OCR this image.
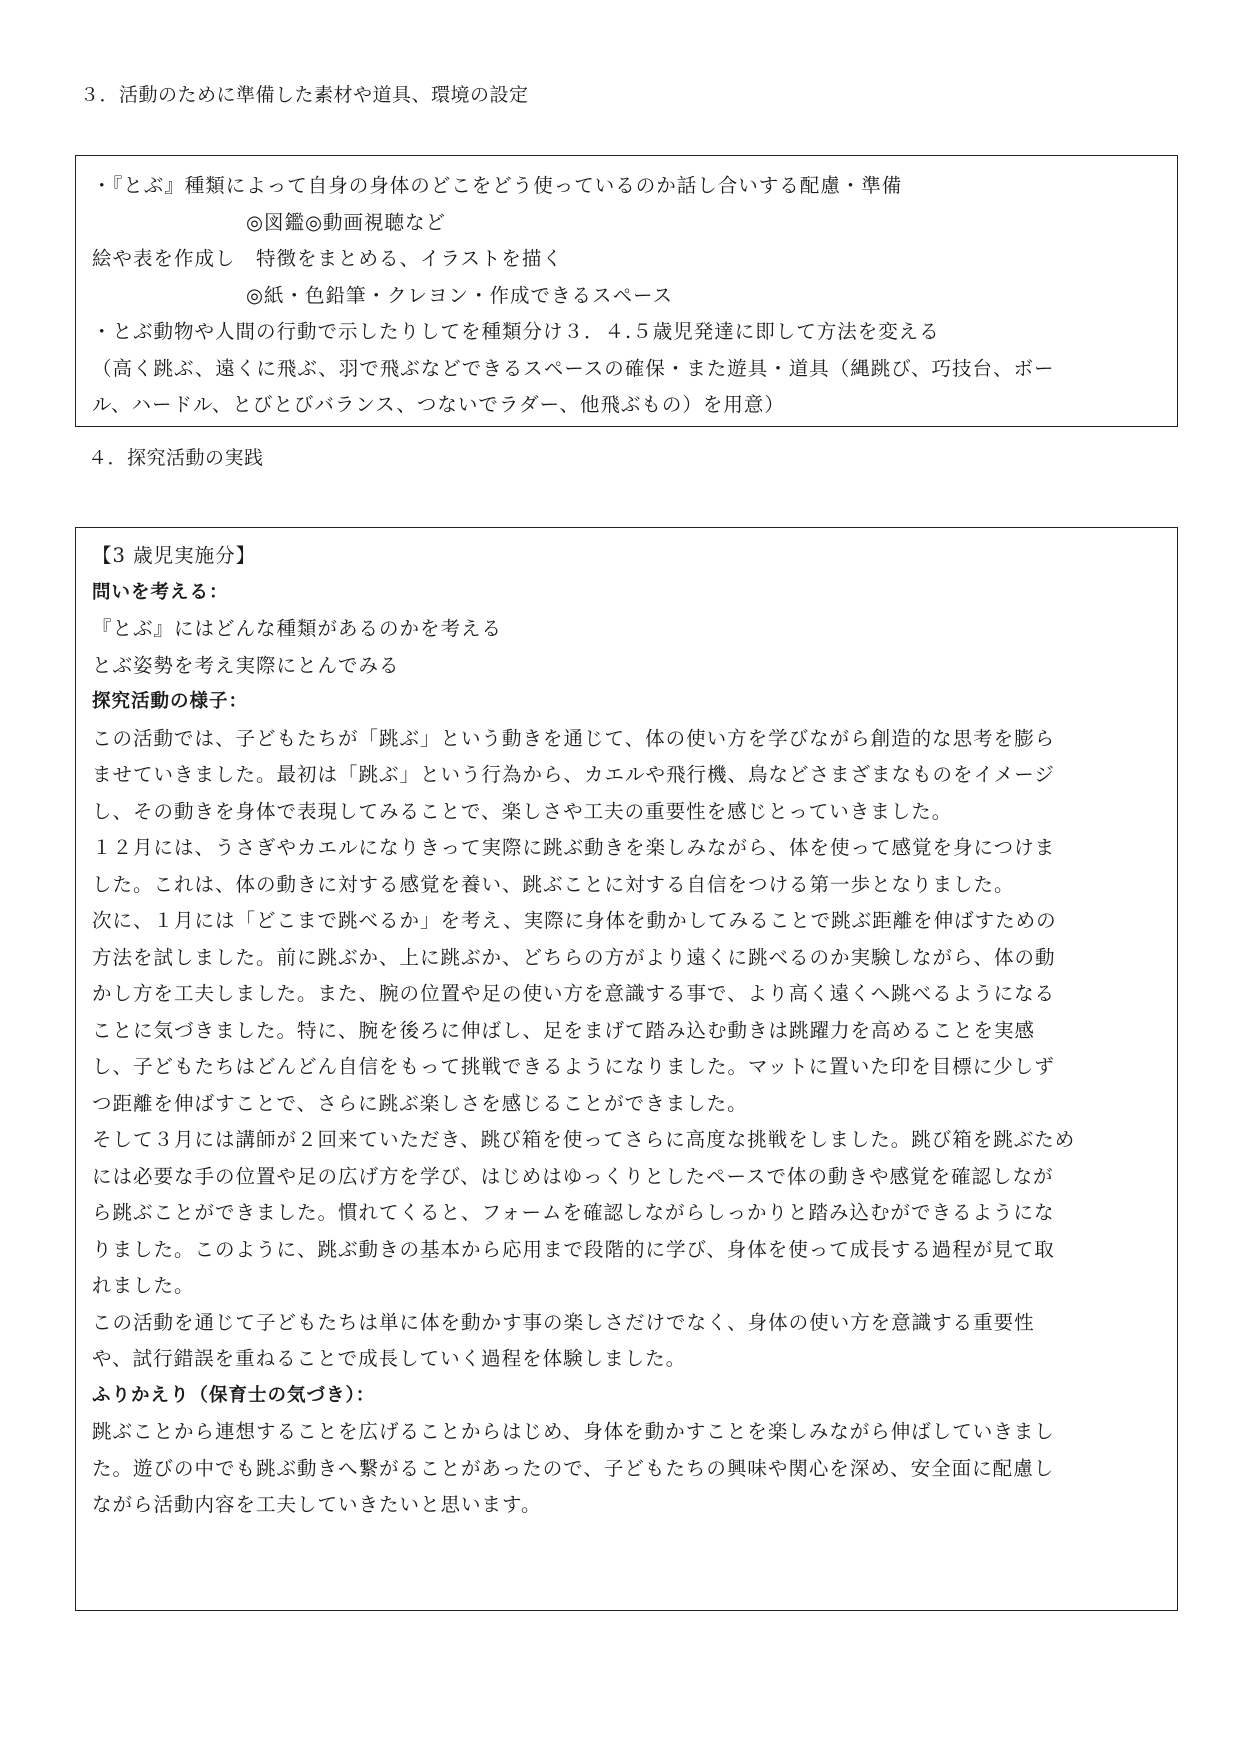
３．活動のために準備した素材や道具、環境の設定
・『とぶ』種類によって自身の身体のどこをどう使っているのか話し合いする配慮・準備
◎図鑑◎動画視聴など
絵や表を作成し　特徴をまとめる、イラストを描く
◎紙・色鉛筆・クレヨン・作成できるスペース
・とぶ動物や人間の行動で示したりしてを種類分け３．４.５歳児発達に即して方法を変える
（高く跳ぶ、遠くに飛ぶ、羽で飛ぶなどできるスペースの確保・また遊具・道具（縄跳び、巧技台、ボー
ル、ハードル、とびとびバランス、つないでラダー、他飛ぶもの）を用意）
４．探究活動の実践
【3 歳児実施分】
問いを考える：
『とぶ』にはどんな種類があるのかを考える
とぶ姿勢を考え実際にとんでみる
探究活動の様子：
この活動では、子どもたちが「跳ぶ」という動きを通じて、体の使い方を学びながら創造的な思考を膨ら
ませていきました。最初は「跳ぶ」という行為から、カエルや飛行機、鳥などさまざまなものをイメージ
し、その動きを身体で表現してみることで、楽しさや工夫の重要性を感じとっていきました。
１２月には、うさぎやカエルになりきって実際に跳ぶ動きを楽しみながら、体を使って感覚を身につけま
した。これは、体の動きに対する感覚を養い、跳ぶことに対する自信をつける第一歩となりました。
次に、１月には「どこまで跳べるか」を考え、実際に身体を動かしてみることで跳ぶ距離を伸ばすための
方法を試しました。前に跳ぶか、上に跳ぶか、どちらの方がより遠くに跳べるのか実験しながら、体の動
かし方を工夫しました。また、腕の位置や足の使い方を意識する事で、より高く遠くへ跳べるようになる
ことに気づきました。特に、腕を後ろに伸ばし、足をまげて踏み込む動きは跳躍力を高めることを実感
し、子どもたちはどんどん自信をもって挑戦できるようになりました。マットに置いた印を目標に少しず
つ距離を伸ばすことで、さらに跳ぶ楽しさを感じることができました。
そして３月には講師が２回来ていただき、跳び箱を使ってさらに高度な挑戦をしました。跳び箱を跳ぶため
には必要な手の位置や足の広げ方を学び、はじめはゆっくりとしたペースで体の動きや感覚を確認しなが
ら跳ぶことができました。慣れてくると、フォームを確認しながらしっかりと踏み込むができるようにな
りました。このように、跳ぶ動きの基本から応用まで段階的に学び、身体を使って成長する過程が見て取
れました。
この活動を通じて子どもたちは単に体を動かす事の楽しさだけでなく、身体の使い方を意識する重要性
や、試行錯誤を重ねることで成長していく過程を体験しました。
ふりかえり（保育士の気づき）：
跳ぶことから連想することを広げることからはじめ、身体を動かすことを楽しみながら伸ばしていきまし
た。遊びの中でも跳ぶ動きへ繋がることがあったので、子どもたちの興味や関心を深め、安全面に配慮し
ながら活動内容を工夫していきたいと思います。
